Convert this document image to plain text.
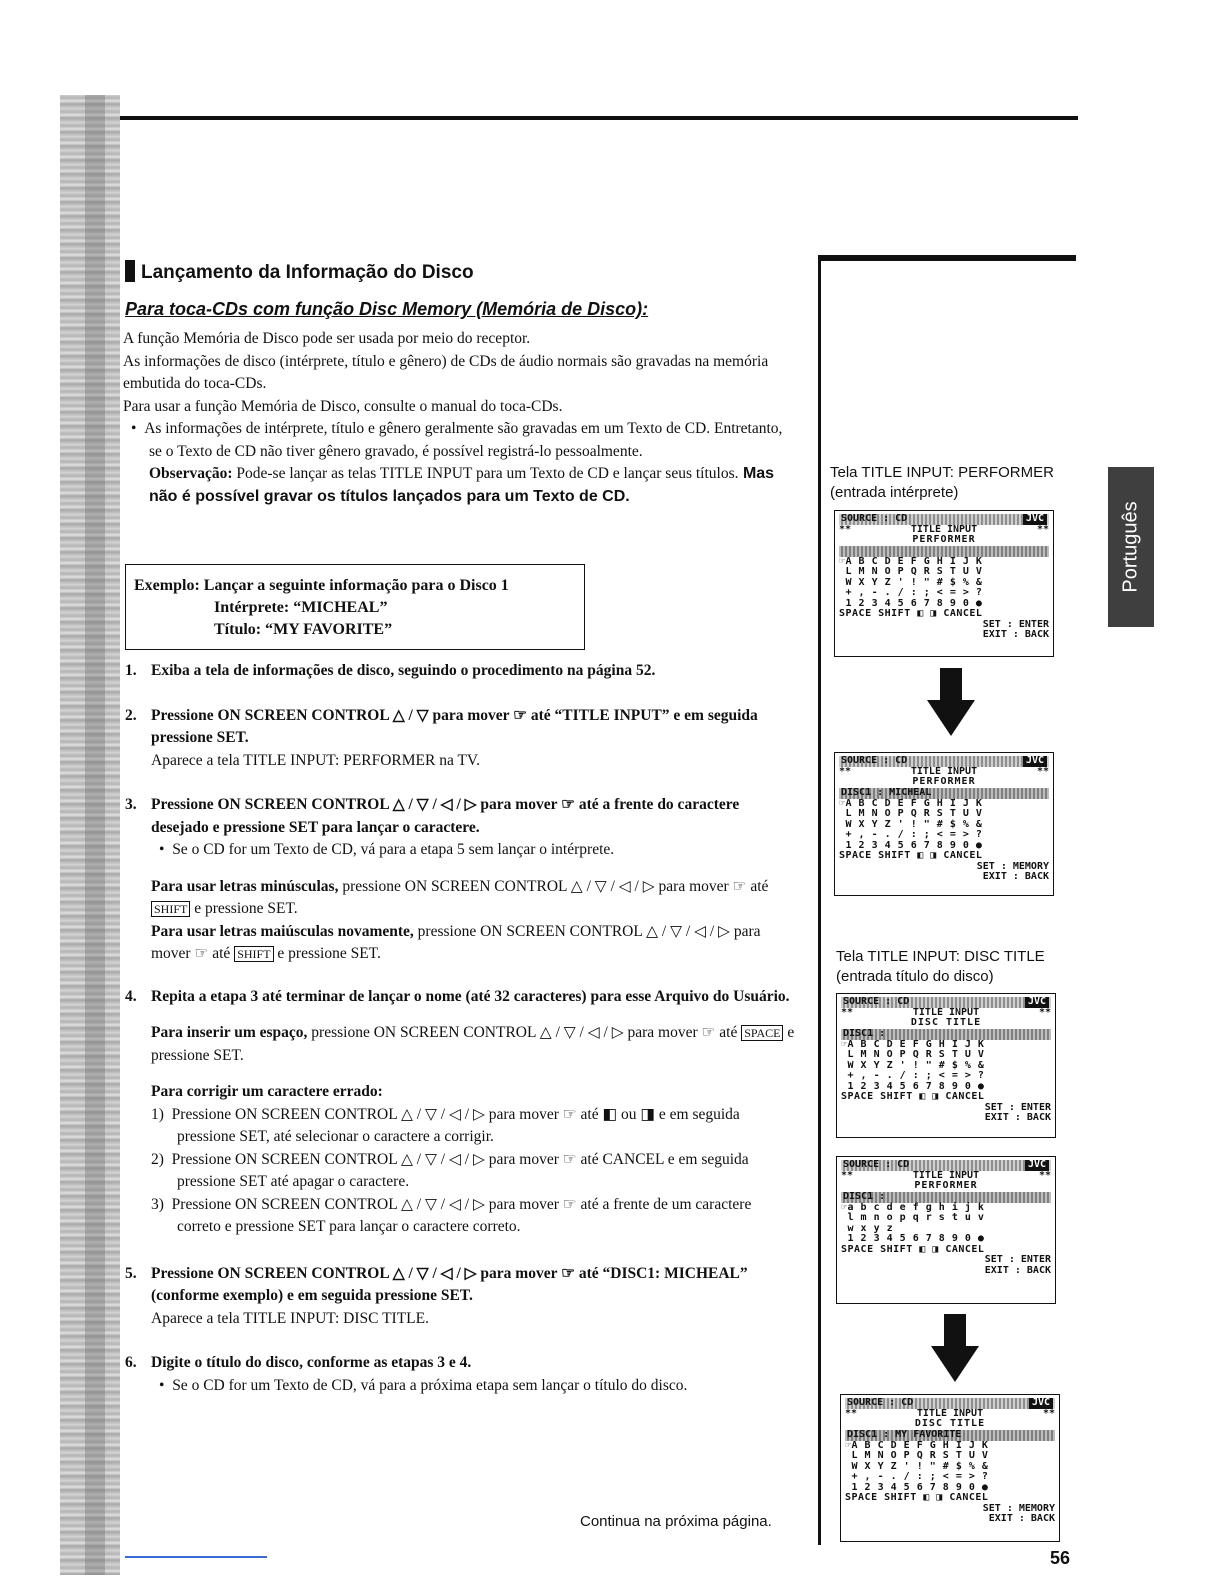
Lançamento da Informação do Disco
Para toca-CDs com função Disc Memory (Memória de Disco):

A função Memória de Disco pode ser usada por meio do receptor.

As informações de disco (intérprete, título e gênero) de CDs de áudio normais são gravadas na memória embutida do toca-CDs.

Para usar a função Memória de Disco, consulte o manual do toca-CDs.

•  As informações de intérprete, título e gênero geralmente são gravadas em um Texto de CD. Entretanto, se o Texto de CD não tiver gênero gravado, é possível registrá-lo pessoalmente.

Observação: Pode-se lançar as telas TITLE INPUT para um Texto de CD e lançar seus títulos. Mas não é possível gravar os títulos lançados para um Texto de CD.

Exemplo: Lançar a seguinte informação para o Disco 1
Intérprete: “MICHEAL”
Título: “MY FAVORITE”
1. Exiba a tela de informações de disco, seguindo o procedimento na página 52.
2. Pressione ON SCREEN CONTROL △ / ▽ para mover ☞ até “TITLE INPUT” e em seguida pressione SET.
Aparece a tela TITLE INPUT: PERFORMER na TV.
3. Pressione ON SCREEN CONTROL △ / ▽ / ◁ / ▷ para mover ☞ até a frente do caractere desejado e pressione SET para lançar o caractere.
•  Se o CD for um Texto de CD, vá para a etapa 5 sem lançar o intérprete.
Para usar letras minúsculas, pressione ON SCREEN CONTROL △ / ▽ / ◁ / ▷ para mover ☞ até SHIFT e pressione SET.
Para usar letras maiúsculas novamente, pressione ON SCREEN CONTROL △ / ▽ / ◁ / ▷ para mover ☞ até SHIFT e pressione SET.
4. Repita a etapa 3 até terminar de lançar o nome (até 32 caracteres) para esse Arquivo do Usuário.
Para inserir um espaço, pressione ON SCREEN CONTROL △ / ▽ / ◁ / ▷ para mover ☞ até SPACE e pressione SET.
Para corrigir um caractere errado:
1) Pressione ON SCREEN CONTROL △ / ▽ / ◁ / ▷ para mover ☞ até ◧ ou ◨ e em seguida pressione SET, até selecionar o caractere a corrigir.
2) Pressione ON SCREEN CONTROL △ / ▽ / ◁ / ▷ para mover ☞ até CANCEL e em seguida pressione SET até apagar o caractere.
3) Pressione ON SCREEN CONTROL △ / ▽ / ◁ / ▷ para mover ☞ até a frente de um caractere correto e pressione SET para lançar o caractere correto.
5. Pressione ON SCREEN CONTROL △ / ▽ / ◁ / ▷ para mover ☞ até “DISC1: MICHEAL” (conforme exemplo) e em seguida pressione SET.
Aparece a tela TITLE INPUT: DISC TITLE.
6. Digite o título do disco, conforme as etapas 3 e 4.
•  Se o CD for um Texto de CD, vá para a próxima etapa sem lançar o título do disco.
Continua na próxima página.
56
Português
Tela TITLE INPUT: PERFORMER
(entrada intérprete)
SOURCE : CD	JVC
**	TITLE INPUT	**
PERFORMER
☞A B C D E F G H I J K
L M N O P Q R S T U V
W X Y Z ' ! " # $ % &
+ , - . / : ; < = > ?
1 2 3 4 5 6 7 8 9 0 ●
SPACE SHIFT ◧ ◨ CANCEL
SET : ENTER
EXIT : BACK
SOURCE : CD	JVC
**	TITLE INPUT	**
PERFORMER
DISC1 : MICHEAL
☞A B C D E F G H I J K
L M N O P Q R S T U V
W X Y Z ' ! " # $ % &
+ , - . / : ; < = > ?
1 2 3 4 5 6 7 8 9 0 ●
SPACE SHIFT ◧ ◨ CANCEL
SET : MEMORY
EXIT : BACK
Tela TITLE INPUT: DISC TITLE
(entrada título do disco)
SOURCE : CD	JVC
**	TITLE INPUT	**
DISC TITLE
DISC1 :
☞A B C D E F G H I J K
L M N O P Q R S T U V
W X Y Z ' ! " # $ % &
+ , - . / : ; < = > ?
1 2 3 4 5 6 7 8 9 0 ●
SPACE SHIFT ◧ ◨ CANCEL
SET : ENTER
EXIT : BACK
SOURCE : CD	JVC
**	TITLE INPUT	**
PERFORMER
DISC1 :
☞a b c d e f g h i j k
l m n o p q r s t u v
w x y z
1 2 3 4 5 6 7 8 9 0 ●
SPACE SHIFT ◧ ◨ CANCEL
SET : ENTER
EXIT : BACK
SOURCE : CD	JVC
**	TITLE INPUT	**
DISC TITLE
DISC1 : MY FAVORITE
☞A B C D E F G H I J K
L M N O P Q R S T U V
W X Y Z ' ! " # $ % &
+ , - . / : ; < = > ?
1 2 3 4 5 6 7 8 9 0 ●
SPACE SHIFT ◧ ◨ CANCEL
SET : MEMORY
EXIT : BACK
